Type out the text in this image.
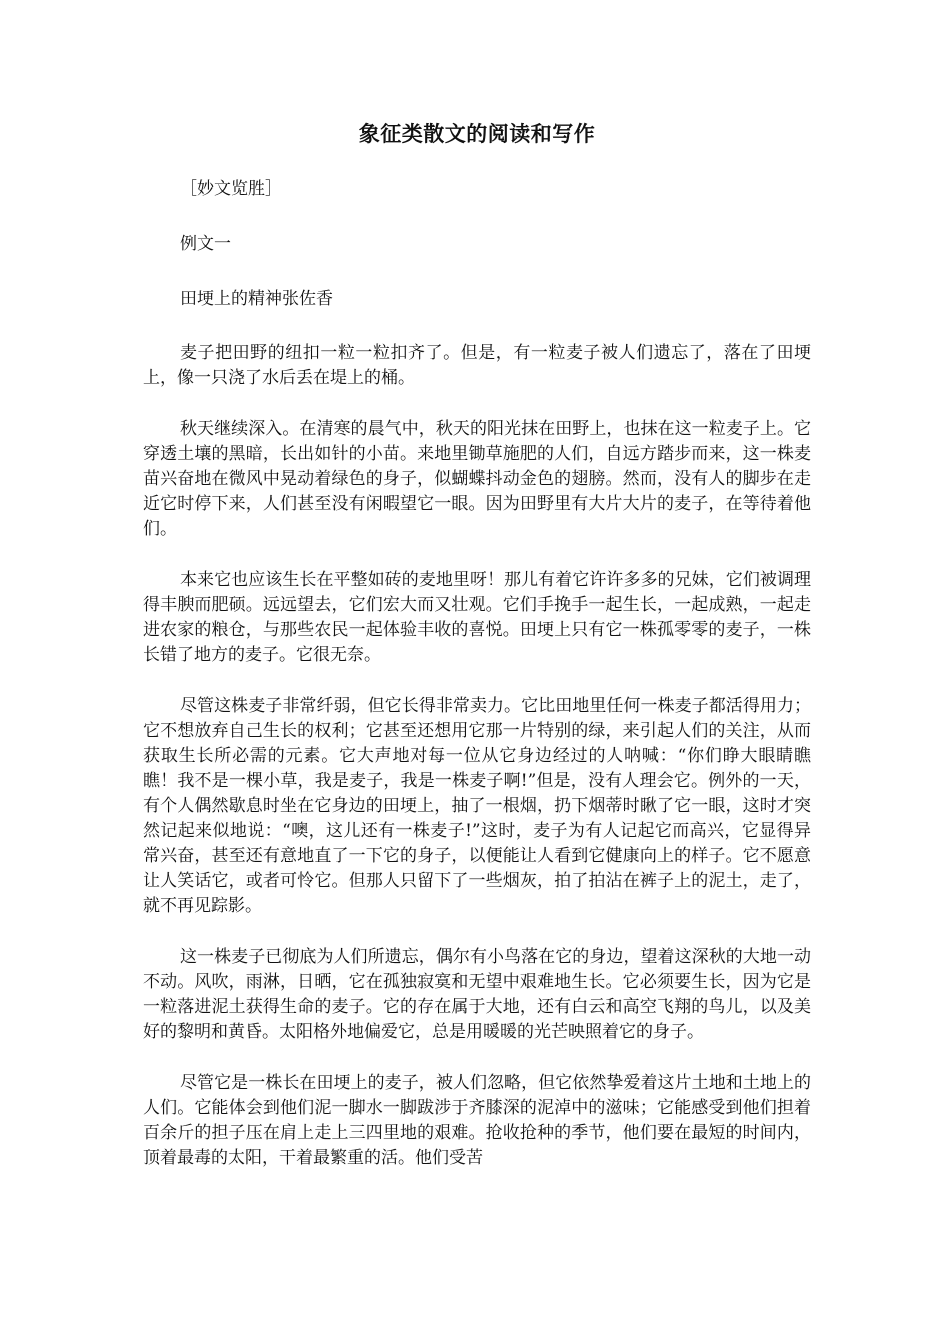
象征类散文的阅读和写作

［妙文览胜］

例文一

田埂上的精神张佐香

麦子把田野的纽扣一粒一粒扣齐了。但是，有一粒麦子被人们遗忘了，落在了田埂上，像一只浇了水后丢在堤上的桶。

秋天继续深入。在清寒的晨气中，秋天的阳光抹在田野上，也抹在这一粒麦子上。它穿透土壤的黑暗，长出如针的小苗。来地里锄草施肥的人们，自远方踏步而来，这一株麦苗兴奋地在微风中晃动着绿色的身子，似蝴蝶抖动金色的翅膀。然而，没有人的脚步在走近它时停下来，人们甚至没有闲暇望它一眼。因为田野里有大片大片的麦子，在等待着他们。

本来它也应该生长在平整如砖的麦地里呀！那儿有着它许许多多的兄妹，它们被调理得丰腴而肥硕。远远望去，它们宏大而又壮观。它们手挽手一起生长，一起成熟，一起走进农家的粮仓，与那些农民一起体验丰收的喜悦。田埂上只有它一株孤零零的麦子，一株长错了地方的麦子。它很无奈。

尽管这株麦子非常纤弱，但它长得非常卖力。它比田地里任何一株麦子都活得用力；它不想放弃自己生长的权利；它甚至还想用它那一片特别的绿，来引起人们的关注，从而获取生长所必需的元素。它大声地对每一位从它身边经过的人呐喊：“你们睁大眼睛瞧瞧！我不是一棵小草，我是麦子，我是一株麦子啊!”但是，没有人理会它。例外的一天，有个人偶然歇息时坐在它身边的田埂上，抽了一根烟，扔下烟蒂时瞅了它一眼，这时才突然记起来似地说：“噢，这儿还有一株麦子!”这时，麦子为有人记起它而高兴，它显得异常兴奋，甚至还有意地直了一下它的身子，以便能让人看到它健康向上的样子。它不愿意让人笑话它，或者可怜它。但那人只留下了一些烟灰，拍了拍沾在裤子上的泥土，走了，就不再见踪影。

这一株麦子已彻底为人们所遗忘，偶尔有小鸟落在它的身边，望着这深秋的大地一动不动。风吹，雨淋，日晒，它在孤独寂寞和无望中艰难地生长。它必须要生长，因为它是一粒落进泥土获得生命的麦子。它的存在属于大地，还有白云和高空飞翔的鸟儿，以及美好的黎明和黄昏。太阳格外地偏爱它，总是用暖暖的光芒映照着它的身子。

尽管它是一株长在田埂上的麦子，被人们忽略，但它依然挚爱着这片土地和土地上的人们。它能体会到他们泥一脚水一脚跋涉于齐膝深的泥淖中的滋味；它能感受到他们担着百余斤的担子压在肩上走上三四里地的艰难。抢收抢种的季节，他们要在最短的时间内，顶着最毒的太阳，干着最繁重的活。他们受苦
